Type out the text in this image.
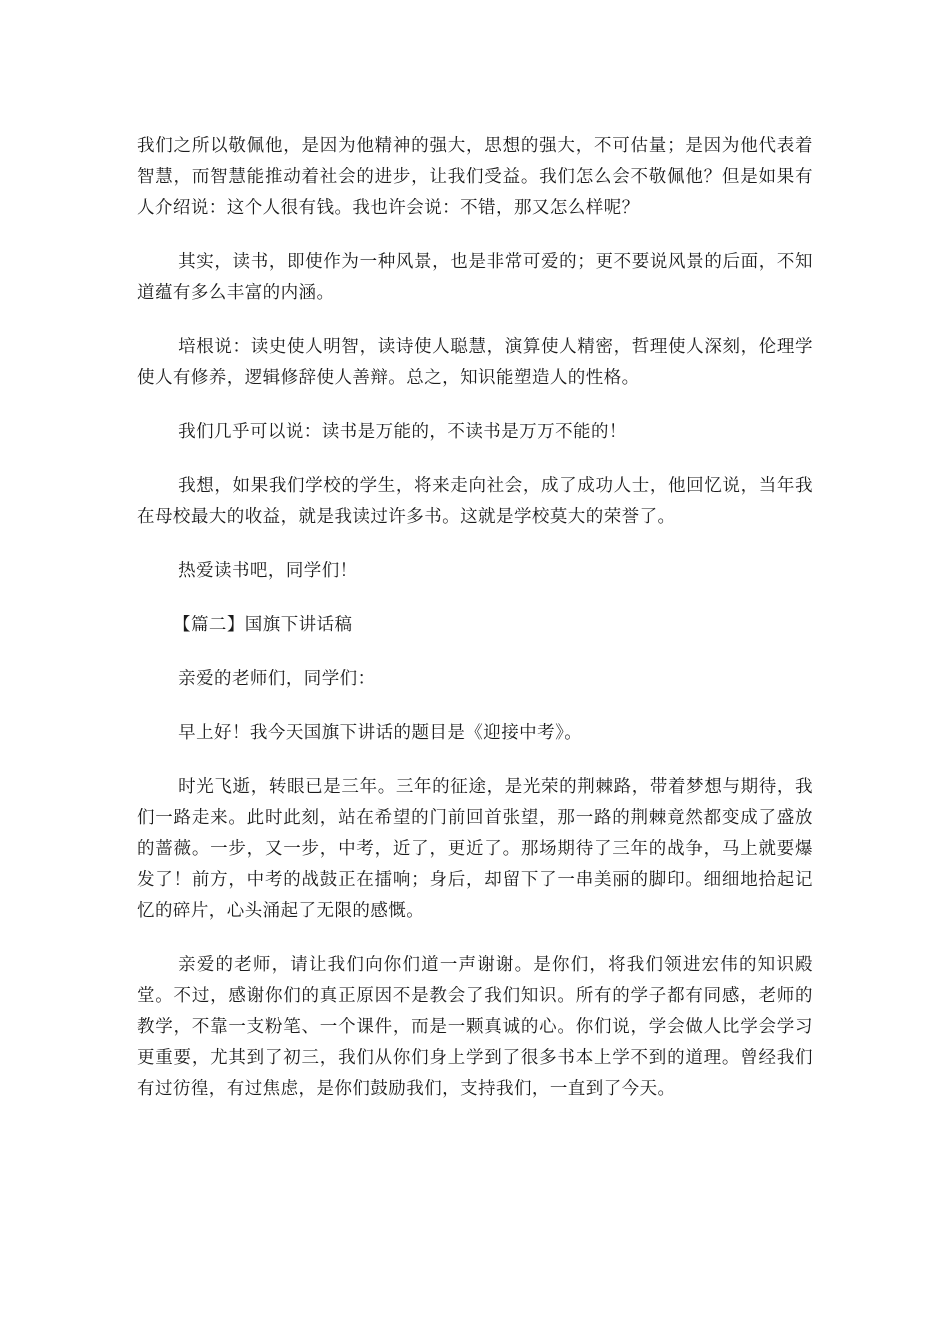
我们之所以敬佩他，是因为他精神的强大，思想的强大，不可估量；是因为他代表着智慧，而智慧能推动着社会的进步，让我们受益。我们怎么会不敬佩他？但是如果有人介绍说：这个人很有钱。我也许会说：不错，那又怎么样呢？

其实，读书，即使作为一种风景，也是非常可爱的；更不要说风景的后面，不知道蕴有多么丰富的内涵。

培根说：读史使人明智，读诗使人聪慧，演算使人精密，哲理使人深刻，伦理学使人有修养，逻辑修辞使人善辩。总之，知识能塑造人的性格。

我们几乎可以说：读书是万能的，不读书是万万不能的！

我想，如果我们学校的学生，将来走向社会，成了成功人士，他回忆说，当年我在母校最大的收益，就是我读过许多书。这就是学校莫大的荣誉了。

热爱读书吧，同学们！

【篇二】国旗下讲话稿

亲爱的老师们，同学们：

早上好！我今天国旗下讲话的题目是《迎接中考》。

时光飞逝，转眼已是三年。三年的征途，是光荣的荆棘路，带着梦想与期待，我们一路走来。此时此刻，站在希望的门前回首张望，那一路的荆棘竟然都变成了盛放的蔷薇。一步，又一步，中考，近了，更近了。那场期待了三年的战争，马上就要爆发了！前方，中考的战鼓正在擂响；身后，却留下了一串美丽的脚印。细细地拾起记忆的碎片，心头涌起了无限的感慨。

亲爱的老师，请让我们向你们道一声谢谢。是你们，将我们领进宏伟的知识殿堂。不过，感谢你们的真正原因不是教会了我们知识。所有的学子都有同感，老师的教学，不靠一支粉笔、一个课件，而是一颗真诚的心。你们说，学会做人比学会学习更重要，尤其到了初三，我们从你们身上学到了很多书本上学不到的道理。曾经我们有过彷徨，有过焦虑，是你们鼓励我们，支持我们，一直到了今天。
